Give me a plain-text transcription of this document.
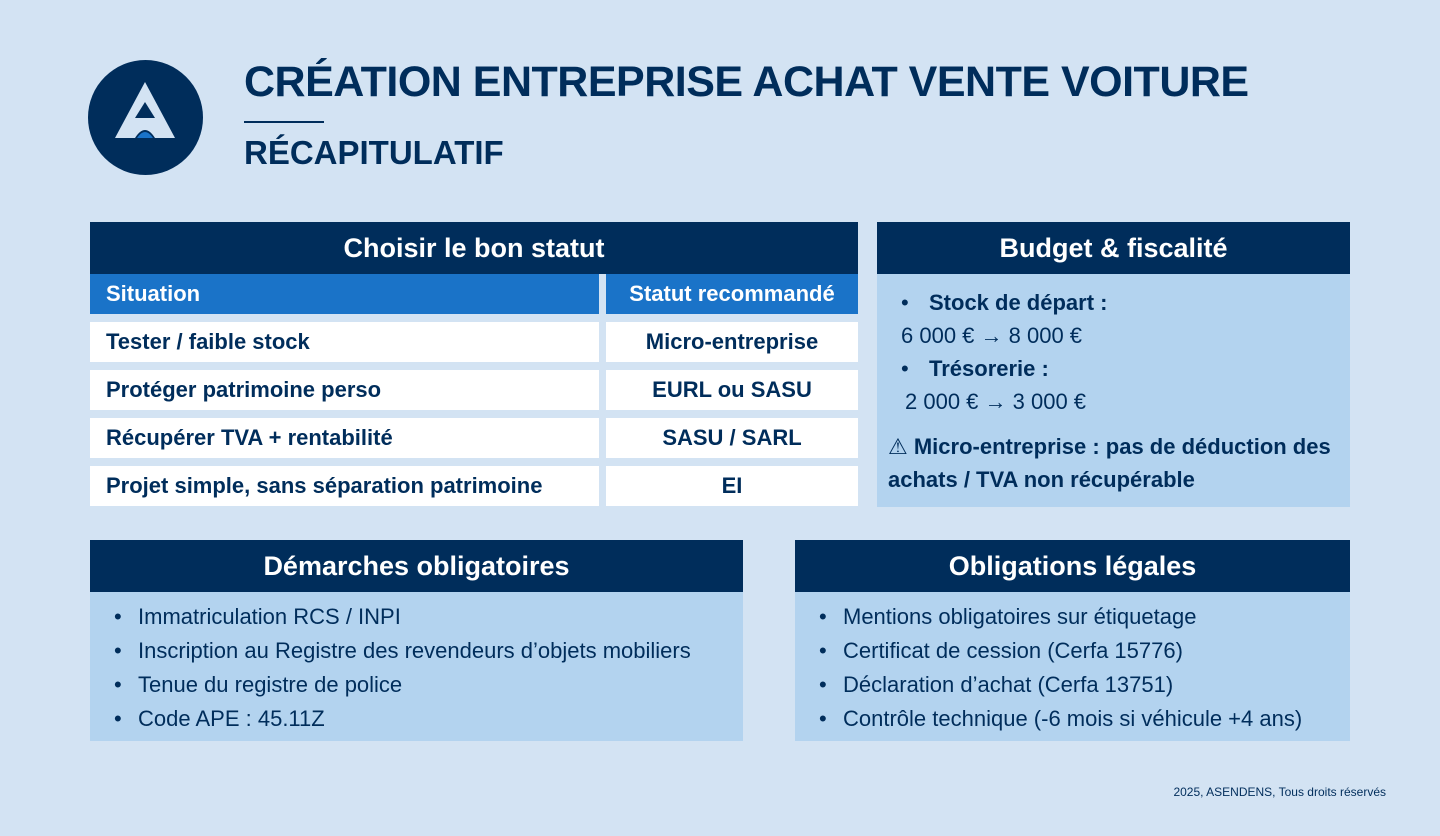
CRÉATION ENTREPRISE ACHAT VENTE VOITURE
RÉCAPITULATIF
Choisir le bon statut
Situation	Statut recommandé
Tester / faible stock	Micro-entreprise
Protéger patrimoine perso	EURL ou SASU
Récupérer TVA + rentabilité	SASU / SARL
Projet simple, sans séparation patrimoine	EI
Budget & fiscalité
• Stock de départ :
6 000 € → 8 000 €
• Trésorerie :
2 000 € → 3 000 €
⚠ Micro-entreprise : pas de déduction des achats / TVA non récupérable
Démarches obligatoires
• Immatriculation RCS / INPI
• Inscription au Registre des revendeurs d’objets mobiliers
• Tenue du registre de police
• Code APE : 45.11Z
Obligations légales
• Mentions obligatoires sur étiquetage
• Certificat de cession (Cerfa 15776)
• Déclaration d’achat (Cerfa 13751)
• Contrôle technique (-6 mois si véhicule +4 ans)
2025, ASENDENS, Tous droits réservés
